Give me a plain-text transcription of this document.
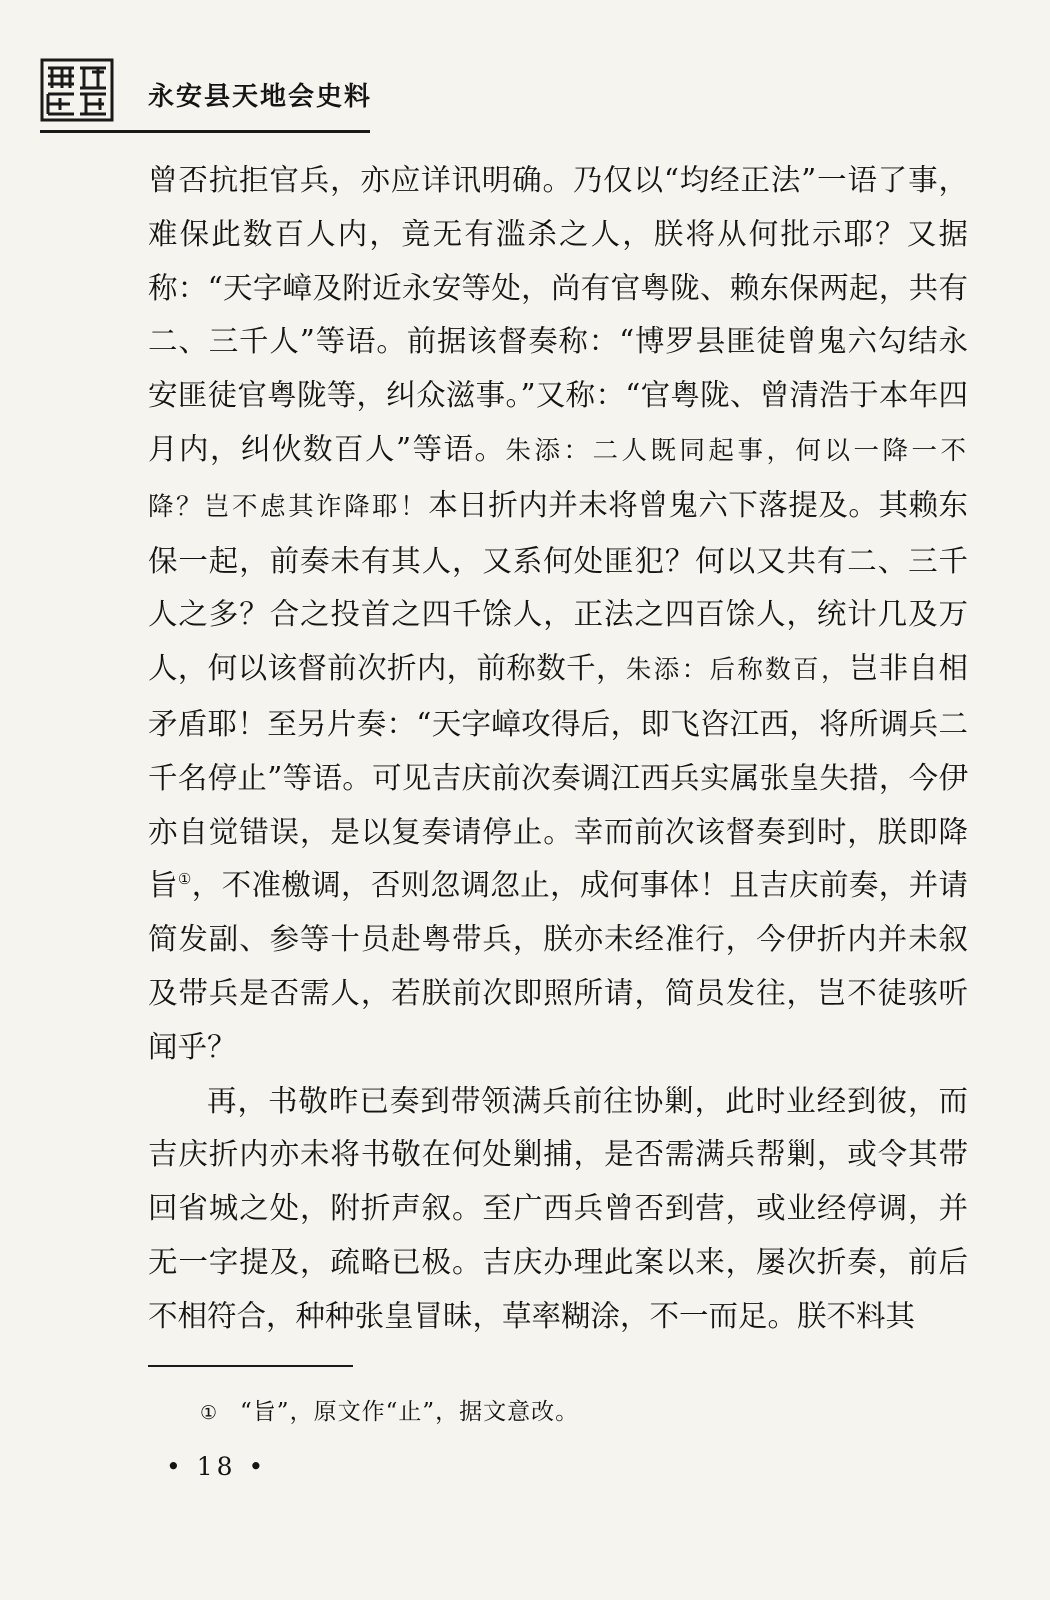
永安县天地会史料

曾否抗拒官兵，亦应详讯明确。乃仅以“均经正法”一语了事，难保此数百人内，竟无有滥杀之人，朕将从何批示耶？又据称：“天字嶂及附近永安等处，尚有官粤陇、赖东保两起，共有二、三千人”等语。前据该督奏称：“博罗县匪徒曾鬼六勾结永安匪徒官粤陇等，纠众滋事。”又称：“官粤陇、曾清浩于本年四月内，纠伙数百人”等语。朱添：二人既同起事，何以一降一不降？岂不虑其诈降耶！本日折内并未将曾鬼六下落提及。其赖东保一起，前奏未有其人，又系何处匪犯？何以又共有二、三千人之多？合之投首之四千馀人，正法之四百馀人，统计几及万人，何以该督前次折内，前称数千，朱添：后称数百，岂非自相矛盾耶！至另片奏：“天字嶂攻得后，即飞咨江西，将所调兵二千名停止”等语。可见吉庆前次奏调江西兵实属张皇失措，今伊亦自觉错误，是以复奏请停止。幸而前次该督奏到时，朕即降旨①，不准檄调，否则忽调忽止，成何事体！且吉庆前奏，并请简发副、参等十员赴粤带兵，朕亦未经准行，今伊折内并未叙及带兵是否需人，若朕前次即照所请，简员发往，岂不徒骇听闻乎？

再，书敬昨已奏到带领满兵前往协剿，此时业经到彼，而吉庆折内亦未将书敬在何处剿捕，是否需满兵帮剿，或令其带回省城之处，附折声叙。至广西兵曾否到营，或业经停调，并无一字提及，疏略已极。吉庆办理此案以来，屡次折奏，前后不相符合，种种张皇冒昧，草率糊涂，不一而足。朕不料其

① “旨”，原文作“止”，据文意改。
• 18 •
